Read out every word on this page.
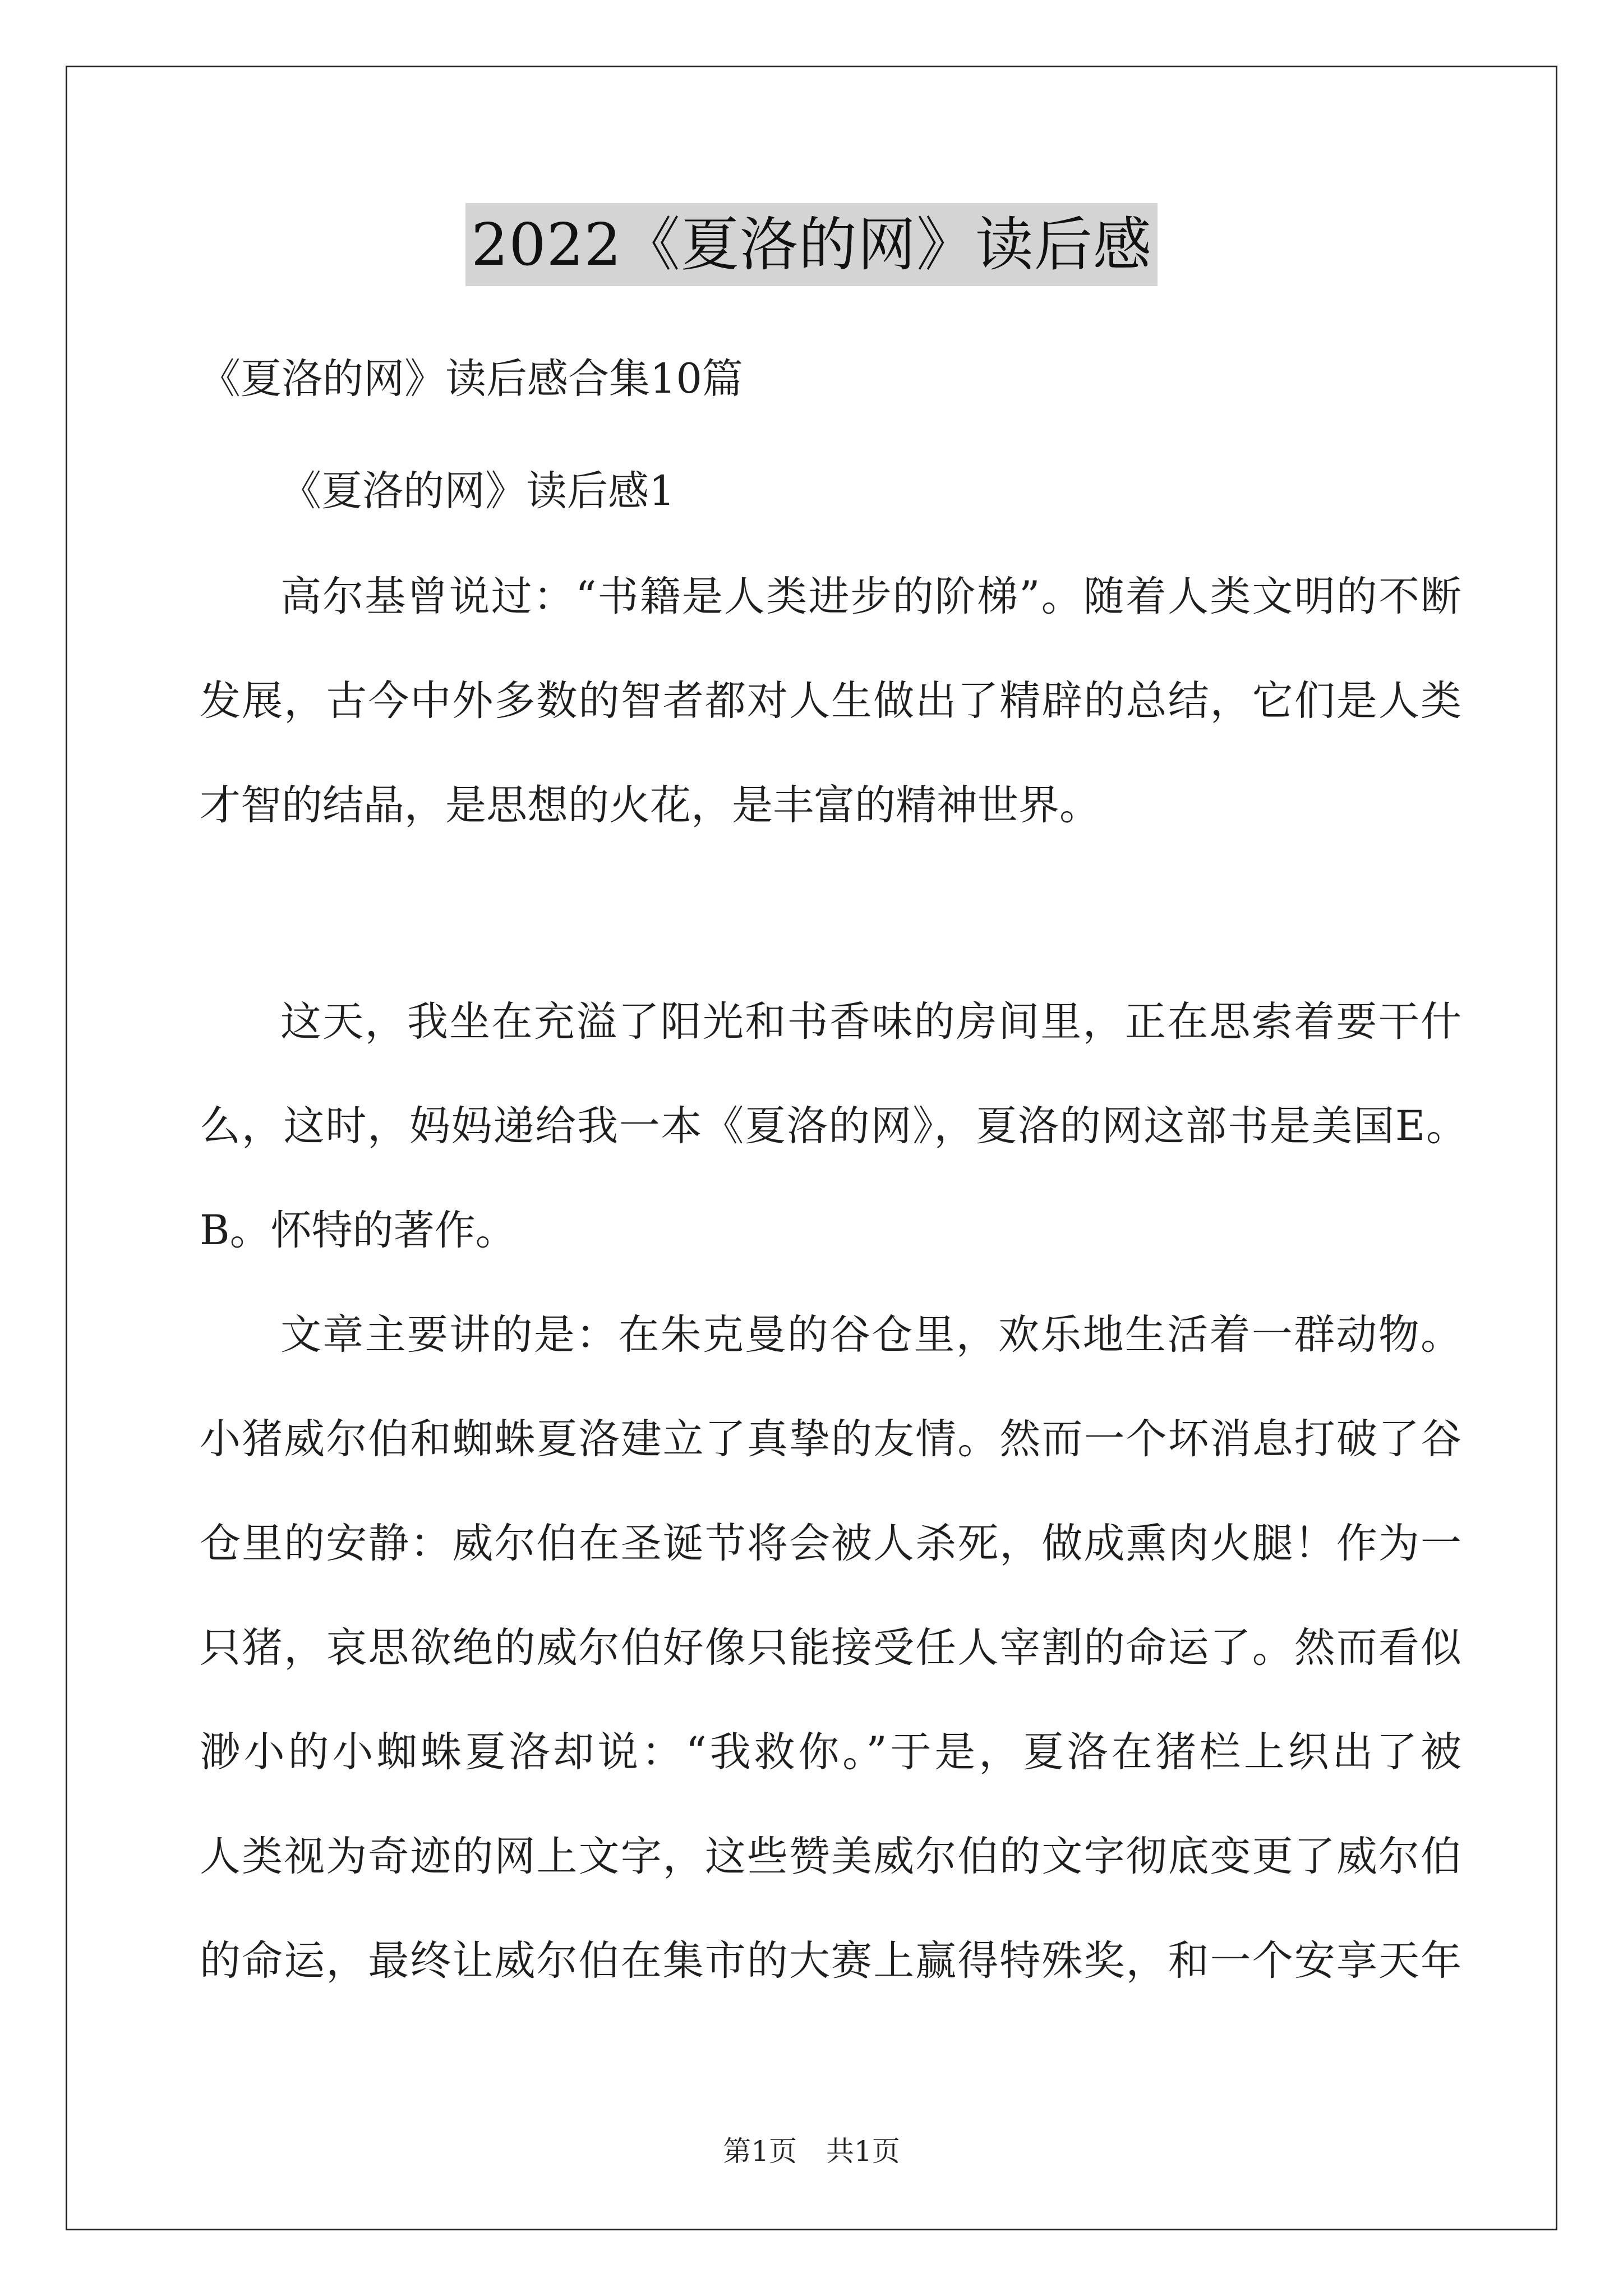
2022《夏洛的网》读后感
《夏洛的网》读后感合集10篇
《夏洛的网》读后感1
高尔基曾说过：“书籍是人类进步的阶梯”。随着人类文明的不断
发展，古今中外多数的智者都对人生做出了精辟的总结，它们是人类
才智的结晶，是思想的火花，是丰富的精神世界。
这天，我坐在充溢了阳光和书香味的房间里，正在思索着要干什
么，这时，妈妈递给我一本《夏洛的网》，夏洛的网这部书是美国E。
B。怀特的著作。
文章主要讲的是：在朱克曼的谷仓里，欢乐地生活着一群动物。
小猪威尔伯和蜘蛛夏洛建立了真挚的友情。然而一个坏消息打破了谷
仓里的安静：威尔伯在圣诞节将会被人杀死，做成熏肉火腿！作为一
只猪，哀思欲绝的威尔伯好像只能接受任人宰割的命运了。然而看似
渺小的小蜘蛛夏洛却说：“我救你。”于是，夏洛在猪栏上织出了被
人类视为奇迹的网上文字，这些赞美威尔伯的文字彻底变更了威尔伯
的命运，最终让威尔伯在集市的大赛上赢得特殊奖，和一个安享天年
第1页 共1页
